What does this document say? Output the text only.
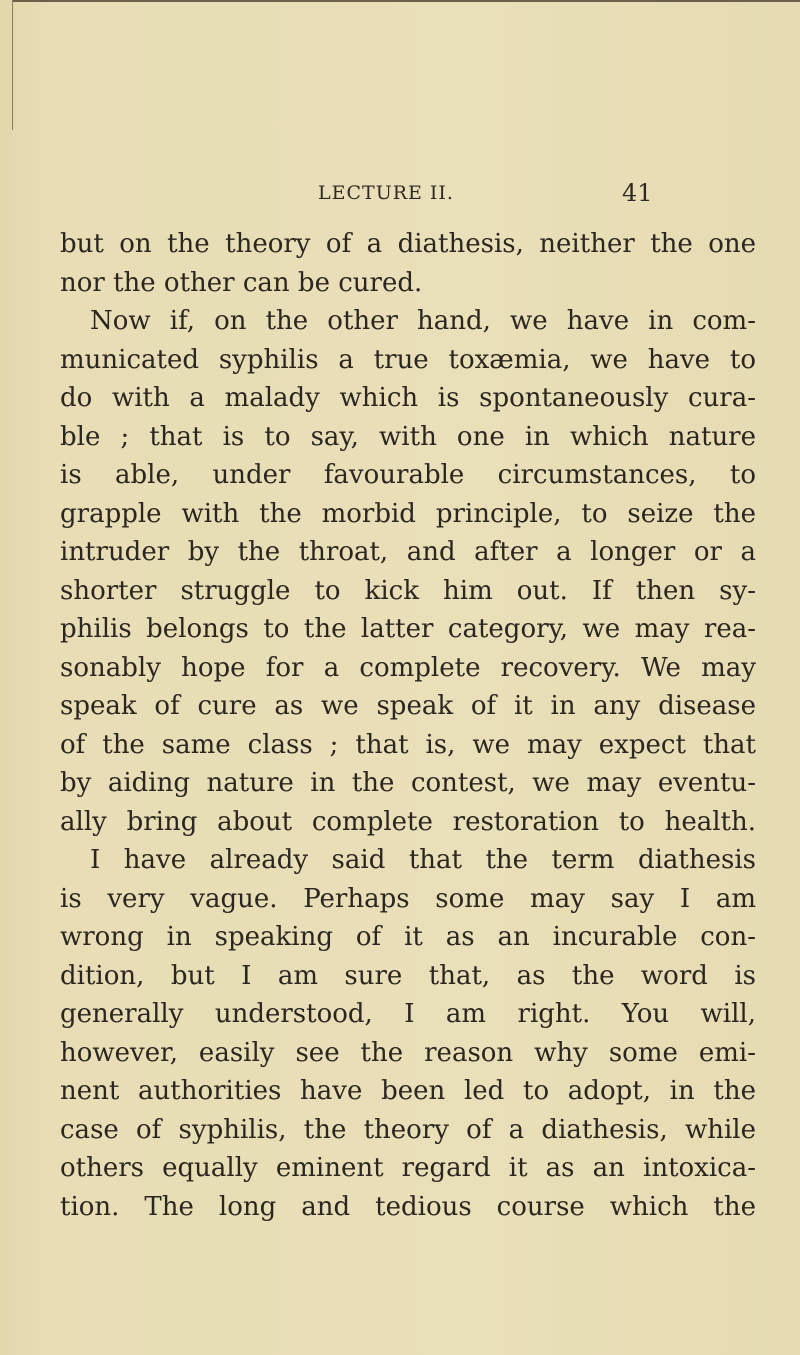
LECTURE II.	41
but on the theory of a diathesis, neither the one
nor the other can be cured.
Now if, on the other hand, we have in com-
municated syphilis a true toxæmia, we have to
do with a malady which is spontaneously cura-
ble ; that is to say, with one in which nature
is able, under favourable circumstances, to
grapple with the morbid principle, to seize the
intruder by the throat, and after a longer or a
shorter struggle to kick him out. If then sy-
philis belongs to the latter category, we may rea-
sonably hope for a complete recovery. We may
speak of cure as we speak of it in any disease
of the same class ; that is, we may expect that
by aiding nature in the contest, we may eventu-
ally bring about complete restoration to health.
I have already said that the term diathesis
is very vague. Perhaps some may say I am
wrong in speaking of it as an incurable con-
dition, but I am sure that, as the word is
generally understood, I am right. You will,
however, easily see the reason why some emi-
nent authorities have been led to adopt, in the
case of syphilis, the theory of a diathesis, while
others equally eminent regard it as an intoxica-
tion. The long and tedious course which the
